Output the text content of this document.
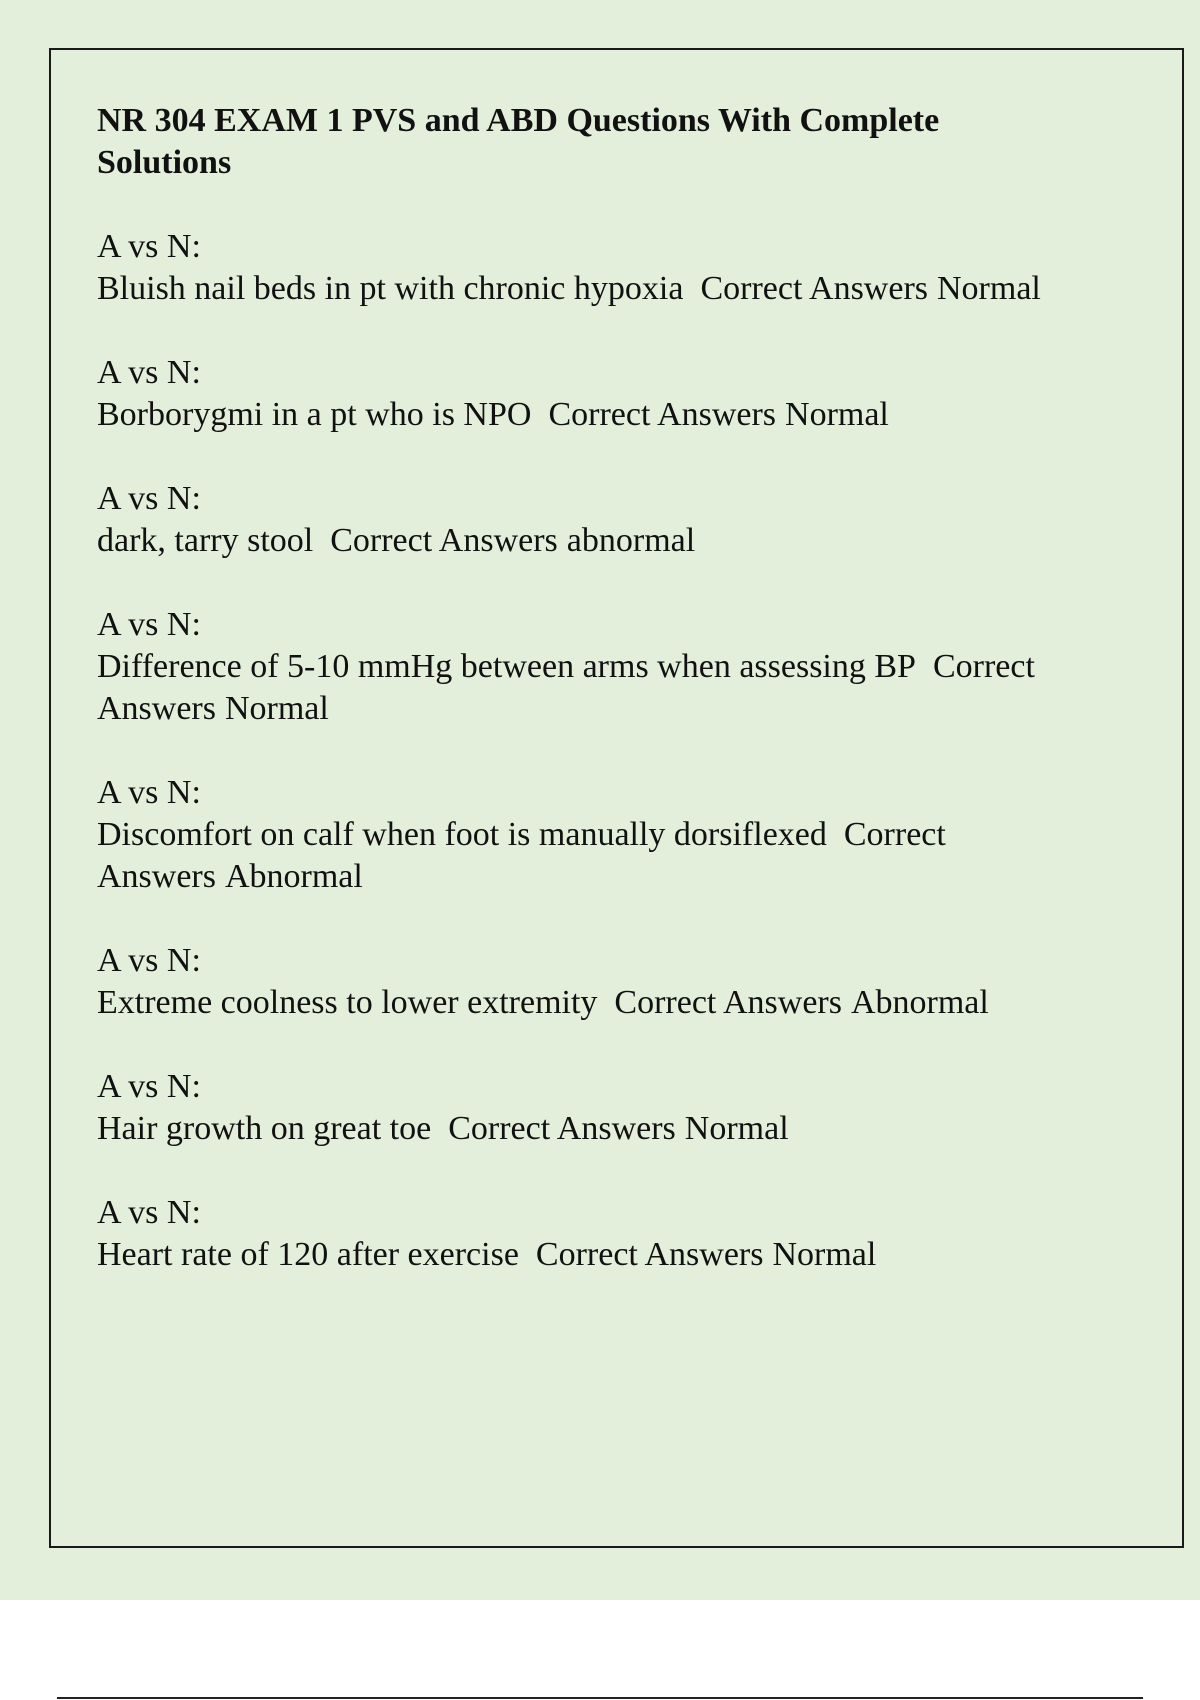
NR 304 EXAM 1 PVS and ABD Questions With Complete Solutions
A vs N:
Bluish nail beds in pt with chronic hypoxia Correct Answers Normal
A vs N:
Borborygmi in a pt who is NPO Correct Answers Normal
A vs N:
dark, tarry stool Correct Answers abnormal
A vs N:
Difference of 5-10 mmHg between arms when assessing BP Correct Answers Normal
A vs N:
Discomfort on calf when foot is manually dorsiflexed Correct Answers Abnormal
A vs N:
Extreme coolness to lower extremity Correct Answers Abnormal
A vs N:
Hair growth on great toe Correct Answers Normal
A vs N:
Heart rate of 120 after exercise Correct Answers Normal
